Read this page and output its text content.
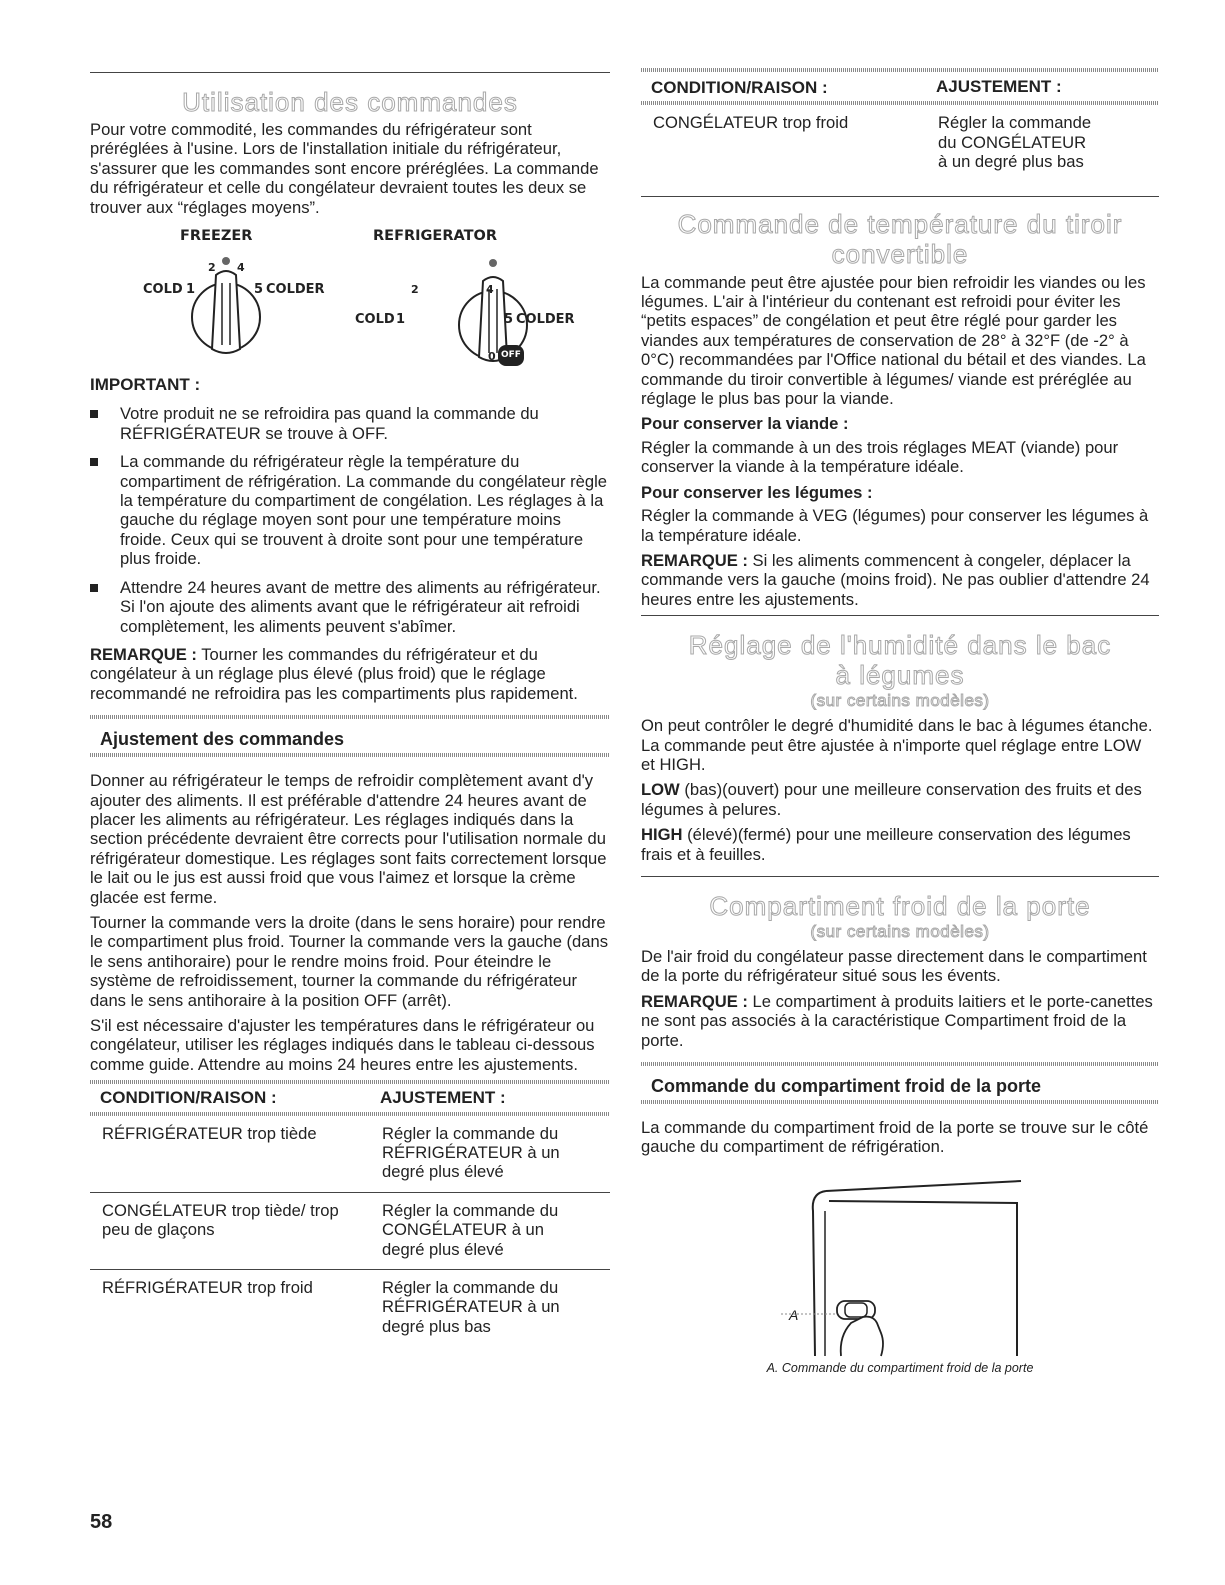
Utilisation des commandes

Pour votre commodité, les commandes du réfrigérateur sont préréglées à l'usine. Lors de l'installation initiale du réfrigérateur, s'assurer que les commandes sont encore préréglées. La commande du réfrigérateur et celle du congélateur devraient toutes les deux se trouver aux “réglages moyens”.

FREEZER	REFRIGERATOR
COLD 1
2 4
5 COLDER	2	4
COLD 1	5 COLDER
0 OFF
IMPORTANT :
Votre produit ne se refroidira pas quand la commande du RÉFRIGÉRATEUR se trouve à OFF.
La commande du réfrigérateur règle la température du compartiment de réfrigération. La commande du congélateur règle la température du compartiment de congélation. Les réglages à la gauche du réglage moyen sont pour une température moins froide. Ceux qui se trouvent à droite sont pour une température plus froide.
Attendre 24 heures avant de mettre des aliments au réfrigérateur. Si l'on ajoute des aliments avant que le réfrigérateur ait refroidi complètement, les aliments peuvent s'abîmer.

REMARQUE : Tourner les commandes du réfrigérateur et du congélateur à un réglage plus élevé (plus froid) que le réglage recommandé ne refroidira pas les compartiments plus rapidement.

Ajustement des commandes

Donner au réfrigérateur le temps de refroidir complètement avant d'y ajouter des aliments. Il est préférable d'attendre 24 heures avant de placer les aliments au réfrigérateur. Les réglages indiqués dans la section précédente devraient être corrects pour l'utilisation normale du réfrigérateur domestique. Les réglages sont faits correctement lorsque le lait ou le jus est aussi froid que vous l'aimez et lorsque la crème glacée est ferme.

Tourner la commande vers la droite (dans le sens horaire) pour rendre le compartiment plus froid. Tourner la commande vers la gauche (dans le sens antihoraire) pour le rendre moins froid. Pour éteindre le système de refroidissement, tourner la commande du réfrigérateur dans le sens antihoraire à la position OFF (arrêt).

S'il est nécessaire d'ajuster les températures dans le réfrigérateur ou congélateur, utiliser les réglages indiqués dans le tableau ci-dessous comme guide. Attendre au moins 24 heures entre les ajustements.

CONDITION/RAISON :	AJUSTEMENT :

RÉFRIGÉRATEUR trop tiède	Régler la commande du RÉFRIGÉRATEUR à un degré plus élevé
CONGÉLATEUR trop tiède/ trop peu de glaçons	Régler la commande du CONGÉLATEUR à un degré plus élevé
RÉFRIGÉRATEUR trop froid	Régler la commande du RÉFRIGÉRATEUR à un degré plus bas
CONDITION/RAISON :	AJUSTEMENT :

CONGÉLATEUR trop froid	Régler la commande du CONGÉLATEUR à un degré plus bas
Commande de température du tiroir
convertible

La commande peut être ajustée pour bien refroidir les viandes ou les légumes. L'air à l'intérieur du contenant est refroidi pour éviter les “petits espaces” de congélation et peut être réglé pour garder les viandes aux températures de conservation de 28° à 32°F (de -2° à 0°C) recommandées par l'Office national du bétail et des viandes. La commande du tiroir convertible à légumes/ viande est préréglée au réglage le plus bas pour la viande.

Pour conserver la viande :

Régler la commande à un des trois réglages MEAT (viande) pour conserver la viande à la température idéale.

Pour conserver les légumes :

Régler la commande à VEG (légumes) pour conserver les légumes à la température idéale.

REMARQUE : Si les aliments commencent à congeler, déplacer la commande vers la gauche (moins froid). Ne pas oublier d'attendre 24 heures entre les ajustements.

Réglage de l'humidité dans le bac
à légumes
(sur certains modèles)

On peut contrôler le degré d'humidité dans le bac à légumes étanche. La commande peut être ajustée à n'importe quel réglage entre LOW et HIGH.

LOW (bas)(ouvert) pour une meilleure conservation des fruits et des légumes à pelures.

HIGH (élevé)(fermé) pour une meilleure conservation des légumes frais et à feuilles.

Compartiment froid de la porte
(sur certains modèles)

De l'air froid du congélateur passe directement dans le compartiment de la porte du réfrigérateur situé sous les évents.

REMARQUE : Le compartiment à produits laitiers et le porte-canettes ne sont pas associés à la caractéristique Compartiment froid de la porte.

Commande du compartiment froid de la porte

La commande du compartiment froid de la porte se trouve sur le côté gauche du compartiment de réfrigération.

A
A. Commande du compartiment froid de la porte
58
